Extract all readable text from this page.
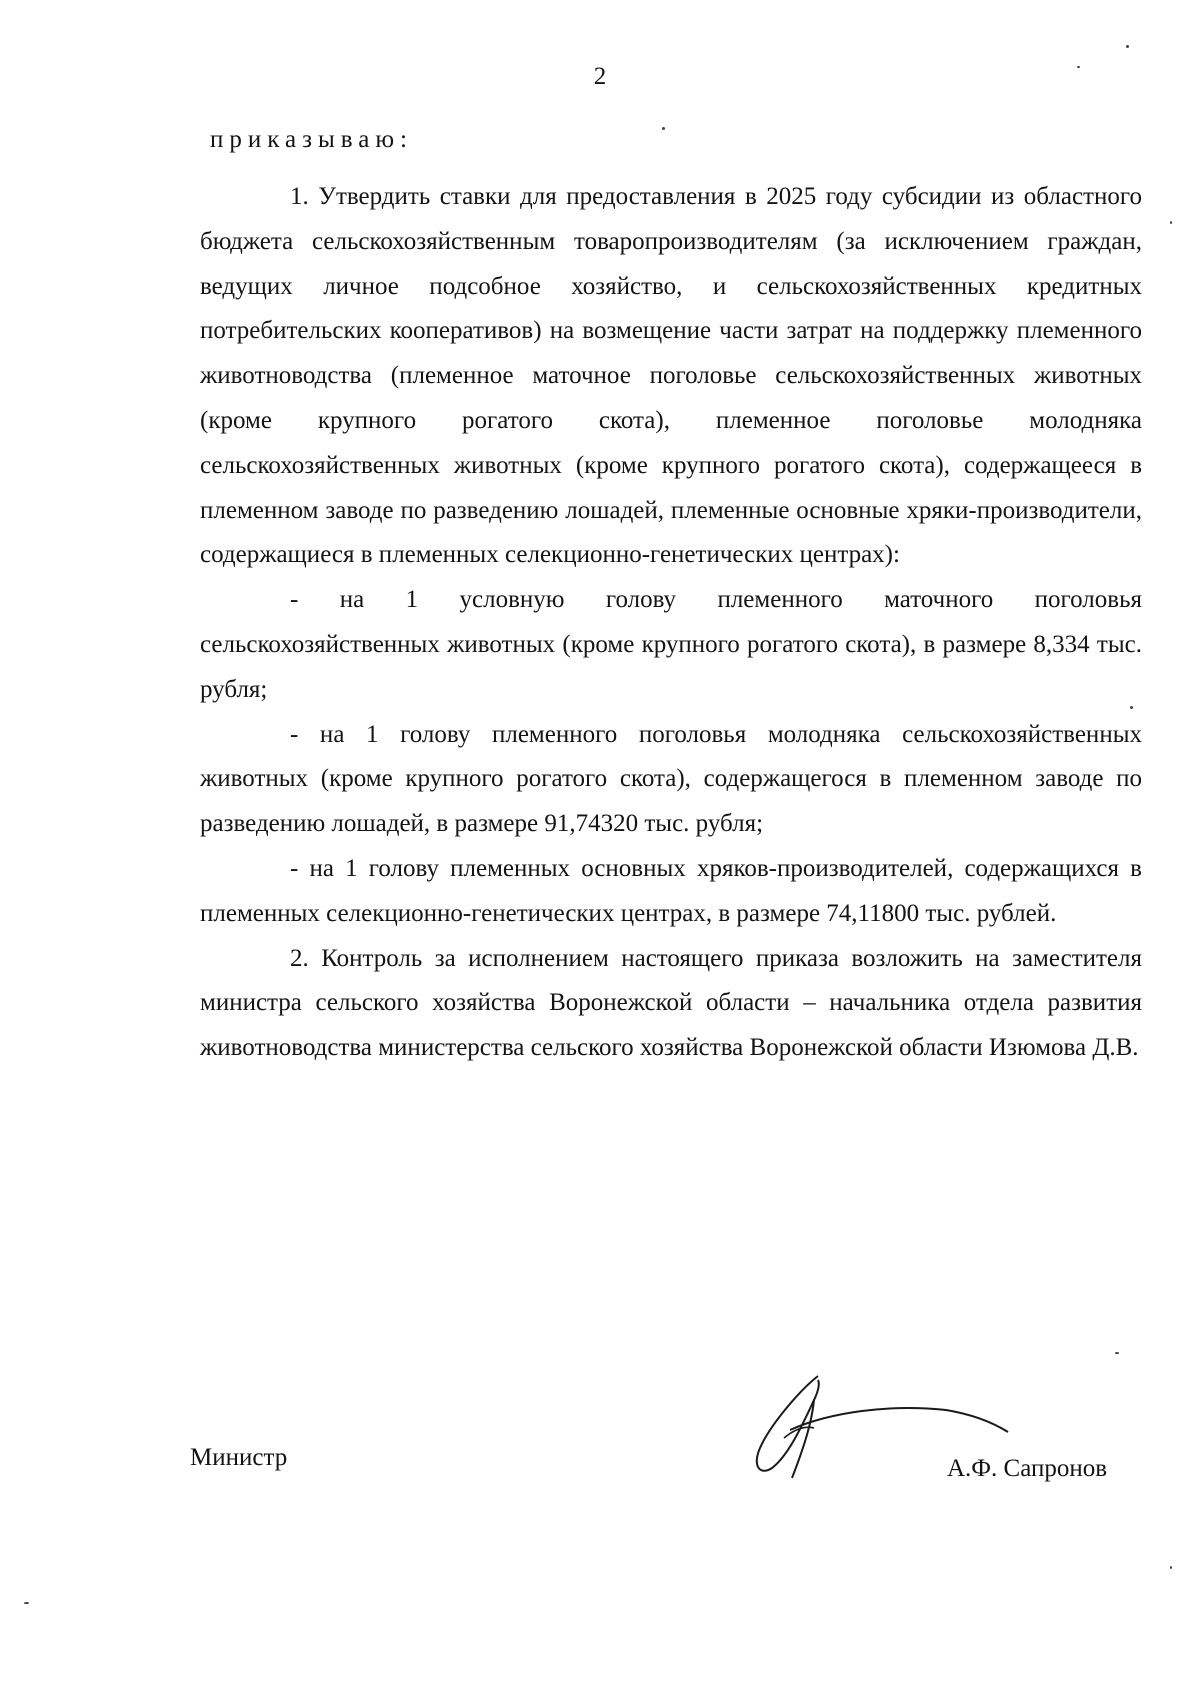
2
приказываю:

1. Утвердить ставки для предоставления в 2025 году субсидии из областного бюджета сельскохозяйственным товаропроизводителям (за исключением граждан, ведущих личное подсобное хозяйство, и сельскохозяйственных кредитных потребительских кооперативов) на возмещение части затрат на поддержку племенного животноводства (племенное маточное поголовье сельскохозяйственных животных (кроме крупного рогатого скота), племенное поголовье молодняка сельскохозяйственных животных (кроме крупного рогатого скота), содержащееся в племенном заводе по разведению лошадей, племенные основные хряки-производители, содержащиеся в племенных селекционно-генетических центрах):

- на 1 условную голову племенного маточного поголовья сельскохозяйственных животных (кроме крупного рогатого скота), в размере 8,334 тыс. рубля;

- на 1 голову племенного поголовья молодняка сельскохозяйственных животных (кроме крупного рогатого скота), содержащегося в племенном заводе по разведению лошадей, в размере 91,74320 тыс. рубля;

- на 1 голову племенных основных хряков-производителей, содержащихся в племенных селекционно-генетических центрах, в размере 74,11800 тыс. рублей.

2. Контроль за исполнением настоящего приказа возложить на заместителя министра сельского хозяйства Воронежской области – начальника отдела развития животноводства министерства сельского хозяйства Воронежской области Изюмова Д.В.

Министр	А.Ф. Сапронов
